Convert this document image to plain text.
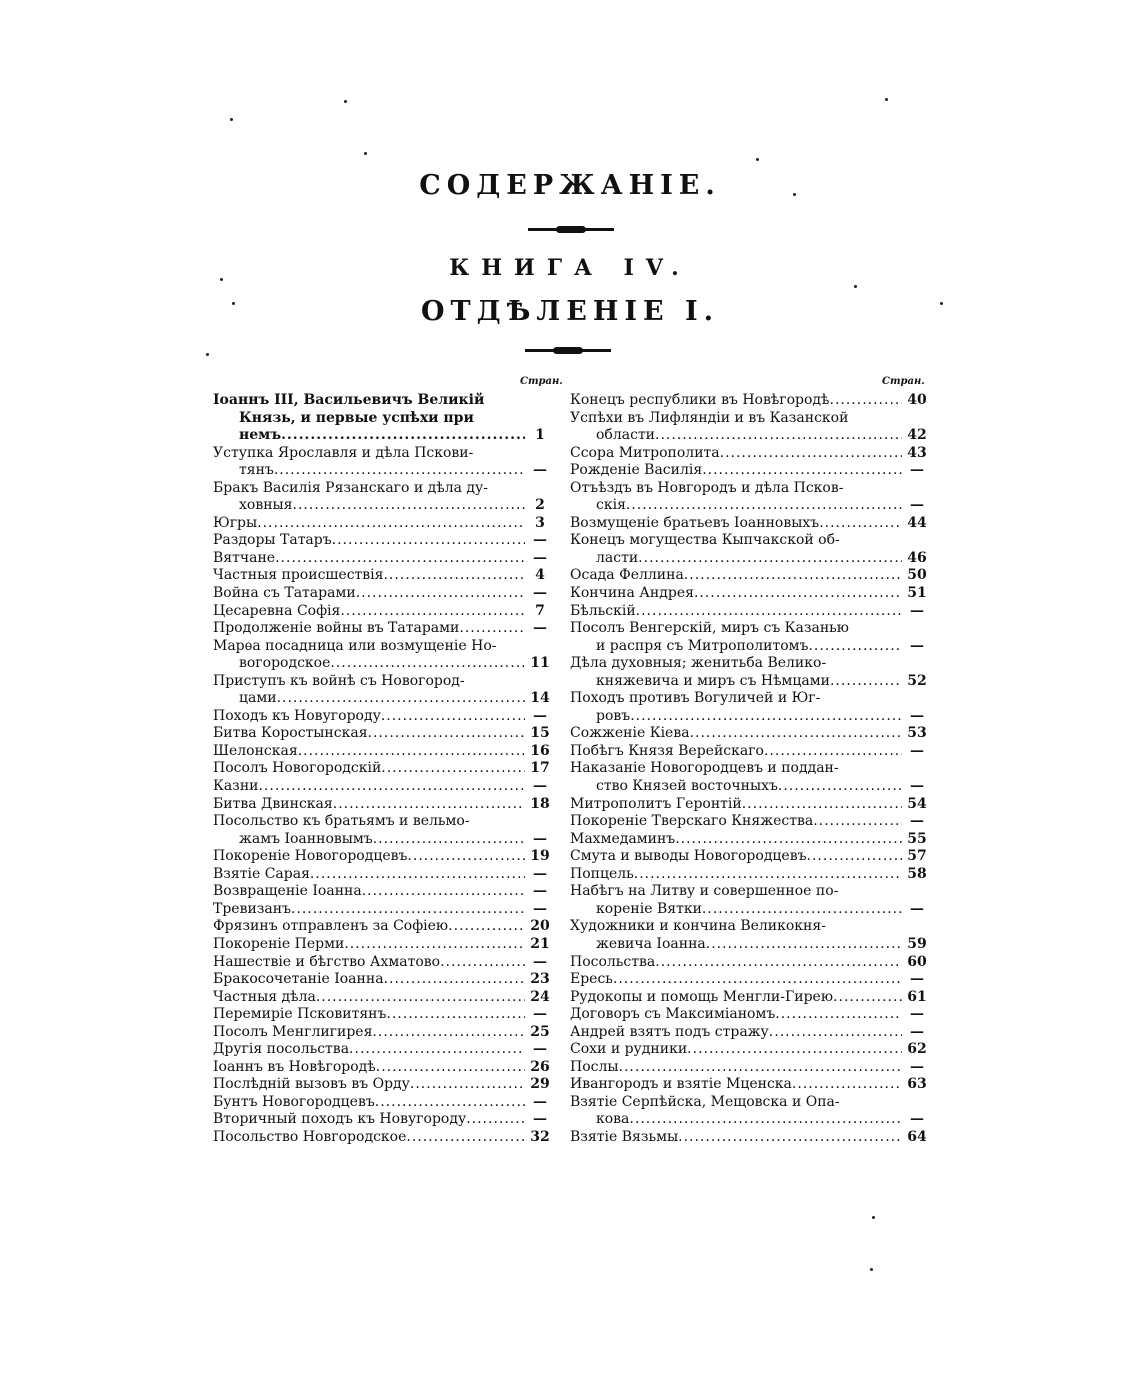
СОДЕРЖАНІЕ.
КНИГА IV.
ОТДѢЛЕНІЕ I.
Стран.	Стран.
Іоаннъ III, Васильевичъ Великій
Князь, и первые успѣхи при
немъ .....	1
Уступка Ярославля и дѣла Пскови-
тянъ .....	—
Бракъ Василія Рязанскаго и дѣла ду-
ховныя .....	2
Югры .....	3
Раздоры Татаръ .....	—
Вятчане .....	—
Частныя происшествія .....	4
Война съ Татарами .....	—
Цесаревна Софія .....	7
Продолженіе войны въ Татарами .....	—
Марѳа посадница или возмущеніе Но-
вогородское .....	11
Приступъ къ войнѣ съ Новогород-
цами .....	14
Походъ къ Новугороду .....	—
Битва Коростынская .....	15
Шелонская .....	16
Посолъ Новогородскій .....	17
Казни .....	—
Битва Двинская .....	18
Посольство къ братьямъ и вельмо-
жамъ Іоанновымъ .....	—
Покореніе Новогородцевъ .....	19
Взятіе Сарая .....	—
Возвращеніе Іоанна .....	—
Тревизанъ .....	—
Фрязинъ отправленъ за Софіею .....	20
Покореніе Перми .....	21
Нашествіе и бѣгство Ахматово .....	—
Бракосочетаніе Іоанна .....	23
Частныя дѣла .....	24
Перемиріе Псковитянъ .....	—
Посолъ Менглигирея .....	25
Другія посольства .....	—
Іоаннъ въ Новѣгородѣ .....	26
Послѣдній вызовъ въ Орду .....	29
Бунтъ Новогородцевъ .....	—
Вторичный походъ къ Новугороду .....	—
Посольство Новгородское .....	32
Конецъ республики въ Новѣгородѣ .....	40
Успѣхи въ Лифляндіи и въ Казанской
области .....	42
Ссора Митрополита .....	43
Рожденіе Василія .....	—
Отъѣздъ въ Новгородъ и дѣла Псков-
скія .....	—
Возмущеніе братьевъ Іоанновыхъ .....	44
Конецъ могущества Кыпчакской об-
ласти .....	46
Осада Феллина .....	50
Кончина Андрея .....	51
Бѣльскій .....	—
Посолъ Венгерскій, миръ съ Казанью
и распря съ Митрополитомъ .....	—
Дѣла духовныя; женитьба Велико-
княжевича и миръ съ Нѣмцами .....	52
Походъ противъ Вогуличей и Юг-
ровъ .....	—
Сожженіе Кіева .....	53
Побѣгъ Князя Верейскаго .....	—
Наказаніе Новогородцевъ и поддан-
ство Князей восточныхъ .....	—
Митрополитъ Геронтій .....	54
Покореніе Тверскаго Княжества .....	—
Махмедаминъ .....	55
Смута и выводы Новогородцевъ .....	57
Попцель .....	58
Набѣгъ на Литву и совершенное по-
кореніе Вятки .....	—
Художники и кончина Великокня-
жевича Іоанна .....	59
Посольства .....	60
Ересь .....	—
Рудокопы и помощь Менгли-Гирею .....	61
Договоръ съ Максиміаномъ .....	—
Андрей взятъ подъ стражу .....	—
Сохи и рудники .....	62
Послы .....	—
Ивангородъ и взятіе Мценска .....	63
Взятіе Серпѣйска, Мещовска и Опа-
кова .....	—
Взятіе Вязьмы .....	64
